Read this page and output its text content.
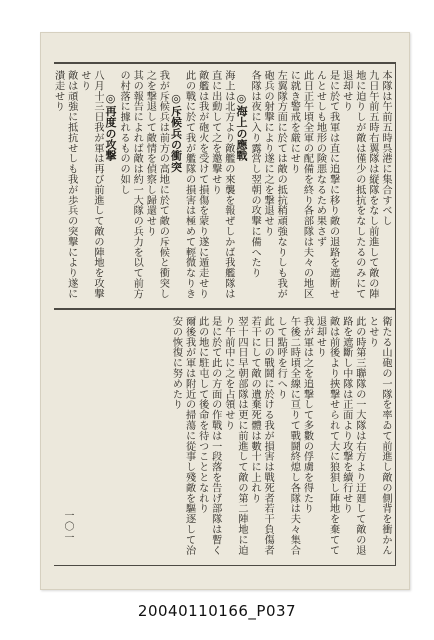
本隊は午前五時呉港に集合すべし

九日午前五時右翼隊は縦隊をなし前進して敵の陣地に迫りしが敵は僅少の抵抗をなしたるのみにて退却せり

是に於て我軍は直に追撃に移り敵の退路を遮断せんとせしも地形の険悪なるため果さず

此日正午頃全軍の配備を終り各部隊は夫々の地区に就き警戒を厳にせり

左翼隊方面に於ては敵の抵抗稍頑強なりしも我が砲兵の射撃により遂に之を撃退せり

各隊は夜に入り露営し翌朝の攻撃に備へたり

◎海上の應戰

海上は北方より敵艦の來襲を報ぜしかば我艦隊は直に出動して之を邀撃せり

敵艦は我が砲火を受けて損傷を蒙り遂に遁走せり

此の戰に於て我が艦隊の損害は極めて輕微なりき

◎斥候兵の衝突

我が斥候兵は前方の高地に於て敵の斥候と衝突し之を撃退して敵情を偵察し歸還せり

其の報告によれば敵は約一大隊の兵力を以て前方の村落に據れるものの如し

◎再度の攻撃

八月十三日我が軍は再び前進して敵の陣地を攻撃せり

敵は頑強に抵抗せしも我が歩兵の突撃により遂に潰走せり

衛たる山砲の一隊を率ゐて前進し敵の側背を衝かんとせり

此の時第三聯隊の一大隊は右方より迂廻して敵の退路を遮斷し中隊は正面より攻撃を續行せり

敵は前後より挾撃せられて大に狼狽し陣地を棄てて退却せり

我が軍は之を追撃して多數の俘虜を得たり

午後二時頃全線に亘りて戰鬪終熄し各隊は夫々集合して點呼を行へり

此の日の戰鬪に於ける我が損害は戰死者若干負傷者若干にして敵の遺棄死體は數十に上れり

翌十四日早朝部隊は更に前進して敵の第二陣地に迫り午前中に之を占領せり

是に於て此の方面の作戰は一段落を告げ部隊は暫く此の地に駐屯して後命を待つこととなれり

爾後我が軍は附近の掃蕩に從事し殘敵を驅逐して治安の恢復に努めたり

一〇一
20040110166_P037
